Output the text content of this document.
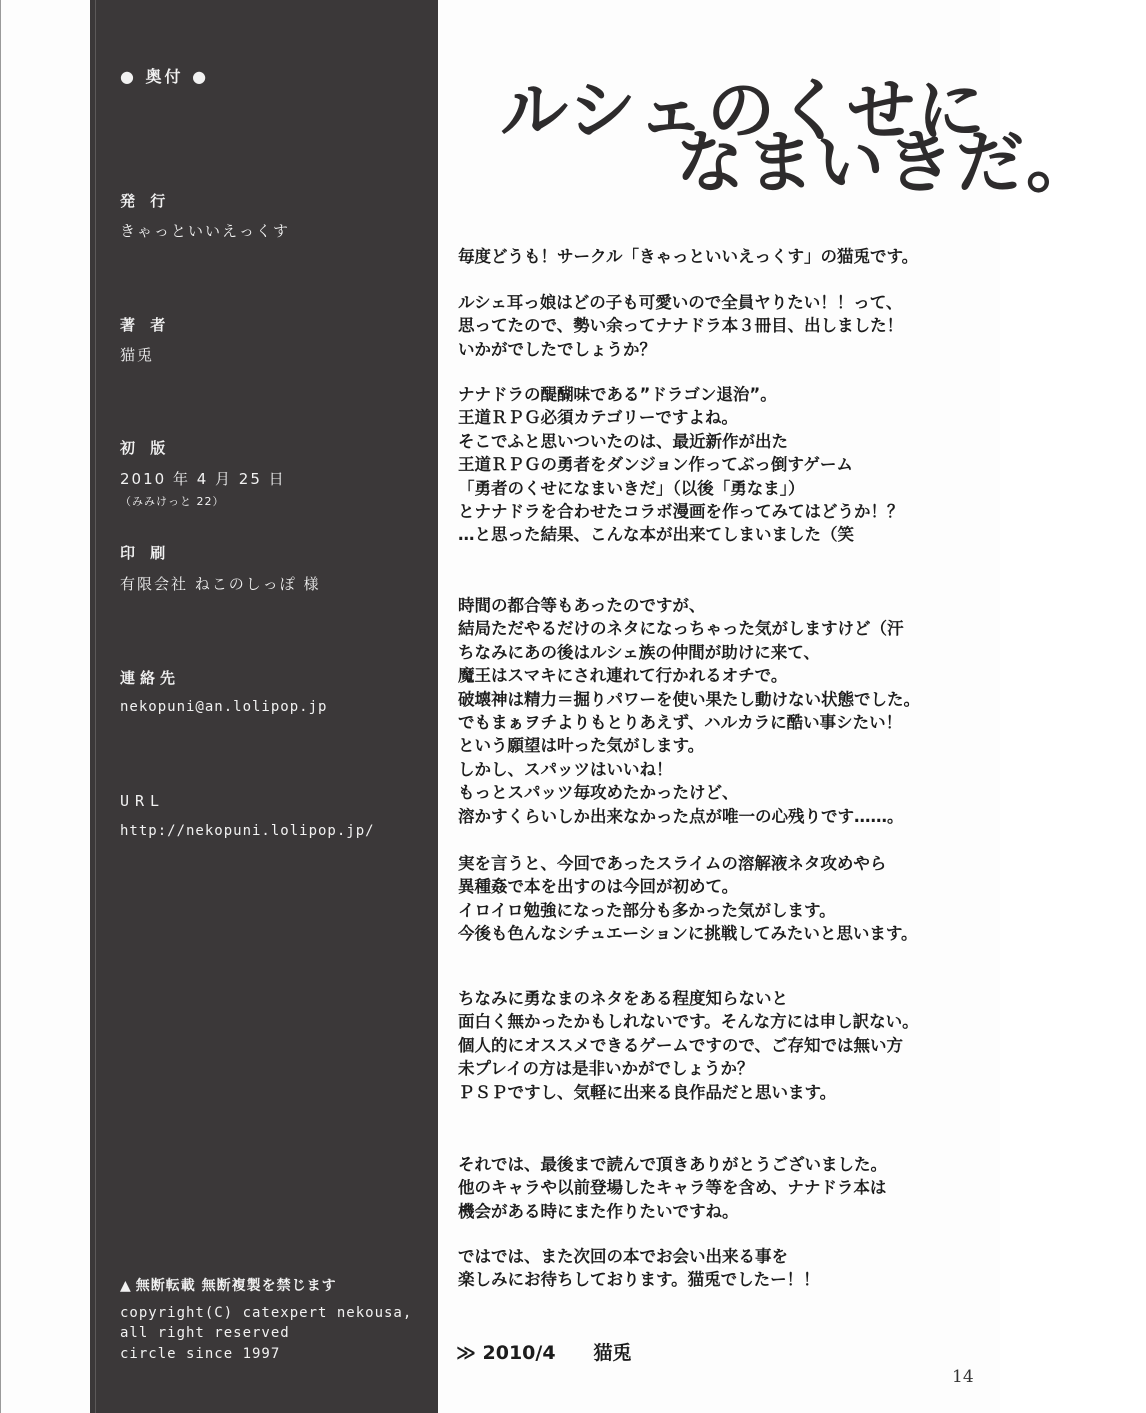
● 奥付 ●
発 行
きゃっといいえっくす
著 者
猫兎
初 版
2010 年 4 月 25 日
（みみけっと 22）
印 刷
有限会社 ねこのしっぽ 様
連絡先
nekopuni@an.lolipop.jp
URL
http://nekopuni.lolipop.jp/
▲ 無断転載 無断複製を禁じます
copyright(C) catexpert nekousa,
all right reserved
circle since 1997
ルシェのくせに
なまいきだ。
毎度どうも！サークル「きゃっといいえっくす」の猫兎です。
ルシェ耳っ娘はどの子も可愛いので全員ヤりたい！！って、
思ってたので、勢い余ってナナドラ本３冊目、出しました！
いかがでしたでしょうか？
ナナドラの醍醐味である”ドラゴン退治”。
王道ＲＰＧ必須カテゴリーですよね。
そこでふと思いついたのは、最近新作が出た
王道ＲＰＧの勇者をダンジョン作ってぶっ倒すゲーム
「勇者のくせになまいきだ」（以後「勇なま」）
とナナドラを合わせたコラボ漫画を作ってみてはどうか！？
…と思った結果、こんな本が出来てしまいました（笑
時間の都合等もあったのですが、
結局ただやるだけのネタになっちゃった気がしますけど（汗
ちなみにあの後はルシェ族の仲間が助けに来て、
魔王はスマキにされ連れて行かれるオチで。
破壊神は精力＝掘りパワーを使い果たし動けない状態でした。
でもまぁヲチよりもとりあえず、ハルカラに酷い事シたい！
という願望は叶った気がします。
しかし、スパッツはいいね！
もっとスパッツ毎攻めたかったけど、
溶かすくらいしか出来なかった点が唯一の心残りです……。
実を言うと、今回であったスライムの溶解液ネタ攻めやら
異種姦で本を出すのは今回が初めて。
イロイロ勉強になった部分も多かった気がします。
今後も色んなシチュエーションに挑戦してみたいと思います。
ちなみに勇なまのネタをある程度知らないと
面白く無かったかもしれないです。そんな方には申し訳ない。
個人的にオススメできるゲームですので、ご存知では無い方
未プレイの方は是非いかがでしょうか？
ＰＳＰですし、気軽に出来る良作品だと思います。
それでは、最後まで読んで頂きありがとうございました。
他のキャラや以前登場したキャラ等を含め、ナナドラ本は
機会がある時にまた作りたいですね。
ではでは、また次回の本でお会い出来る事を
楽しみにお待ちしております。猫兎でしたー！！
≫ 2010/4　　猫兎
14
